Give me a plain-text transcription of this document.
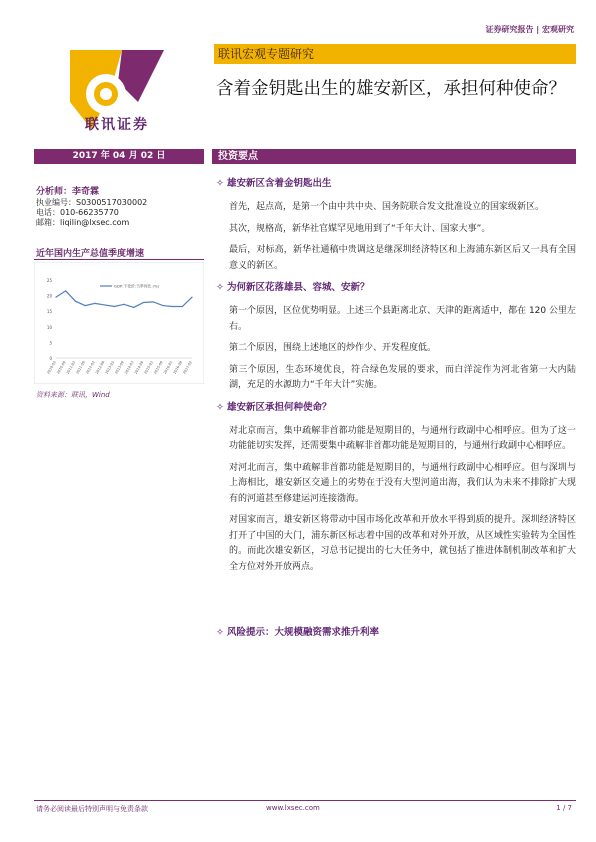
证券研究报告 | 宏观研究
联讯证券
联讯宏观专题研究
含着金钥匙出生的雄安新区，承担何种使命？
2017 年 04 月 02 日	投资要点
分析师：李奇霖
执业编号：S0300517030002
电话：010-66235770
邮箱：liqilin@lxsec.com
近年国内生产总值季度增速
0
5
10
15
20
25
2010-03 2010-09 2011-03 2011-09 2012-03 2012-09 2013-03 2013-09 2014-03 2014-09 2015-03 2015-09 2016-03 2016-09 2017-03
GDP:不变价:当季同比 (%)
资料来源：联讯，Wind
✧ 雄安新区含着金钥匙出生
首先，起点高，是第一个由中共中央、国务院联合发文批准设立的国家级新区。
其次，规格高，新华社官媒罕见地用到了“千年大计、国家大事”。
最后，对标高，新华社通稿中贵调这是继深圳经济特区和上海浦东新区后又一具有全国意义的新区。
✧ 为何新区花落雄县、容城、安新？
第一个原因，区位优势明显。上述三个县距离北京、天津的距离适中，都在 120 公里左右。
第二个原因，围绕上述地区的炒作少、开发程度低。
第三个原因，生态环境优良，符合绿色发展的要求，而白洋淀作为河北省第一大内陆湖，充足的水源助力“千年大计”实施。
✧ 雄安新区承担何种使命？
对北京而言，集中疏解非首都功能是短期目的，与通州行政副中心相呼应。但为了这一功能能切实发挥，还需要集中疏解非首都功能是短期目的，与通州行政副中心相呼应。
对河北而言，集中疏解非首都功能是短期目的，与通州行政副中心相呼应。但与深圳与上海相比，雄安新区交通上的劣势在于没有大型河道出海，我们认为未来不排除扩大现有的河道甚至修建运河连接渤海。
对国家而言，雄安新区将带动中国市场化改革和开放水平得到质的提升。深圳经济特区打开了中国的大门，浦东新区标志着中国的改革和对外开放，从区域性实验转为全国性的。而此次雄安新区，习总书记提出的七大任务中，就包括了推进体制机制改革和扩大全方位对外开放两点。
✧ 风险提示：大规模融资需求推升利率
请务必阅读最后特别声明与免责条款	www.lxsec.com	1 / 7
